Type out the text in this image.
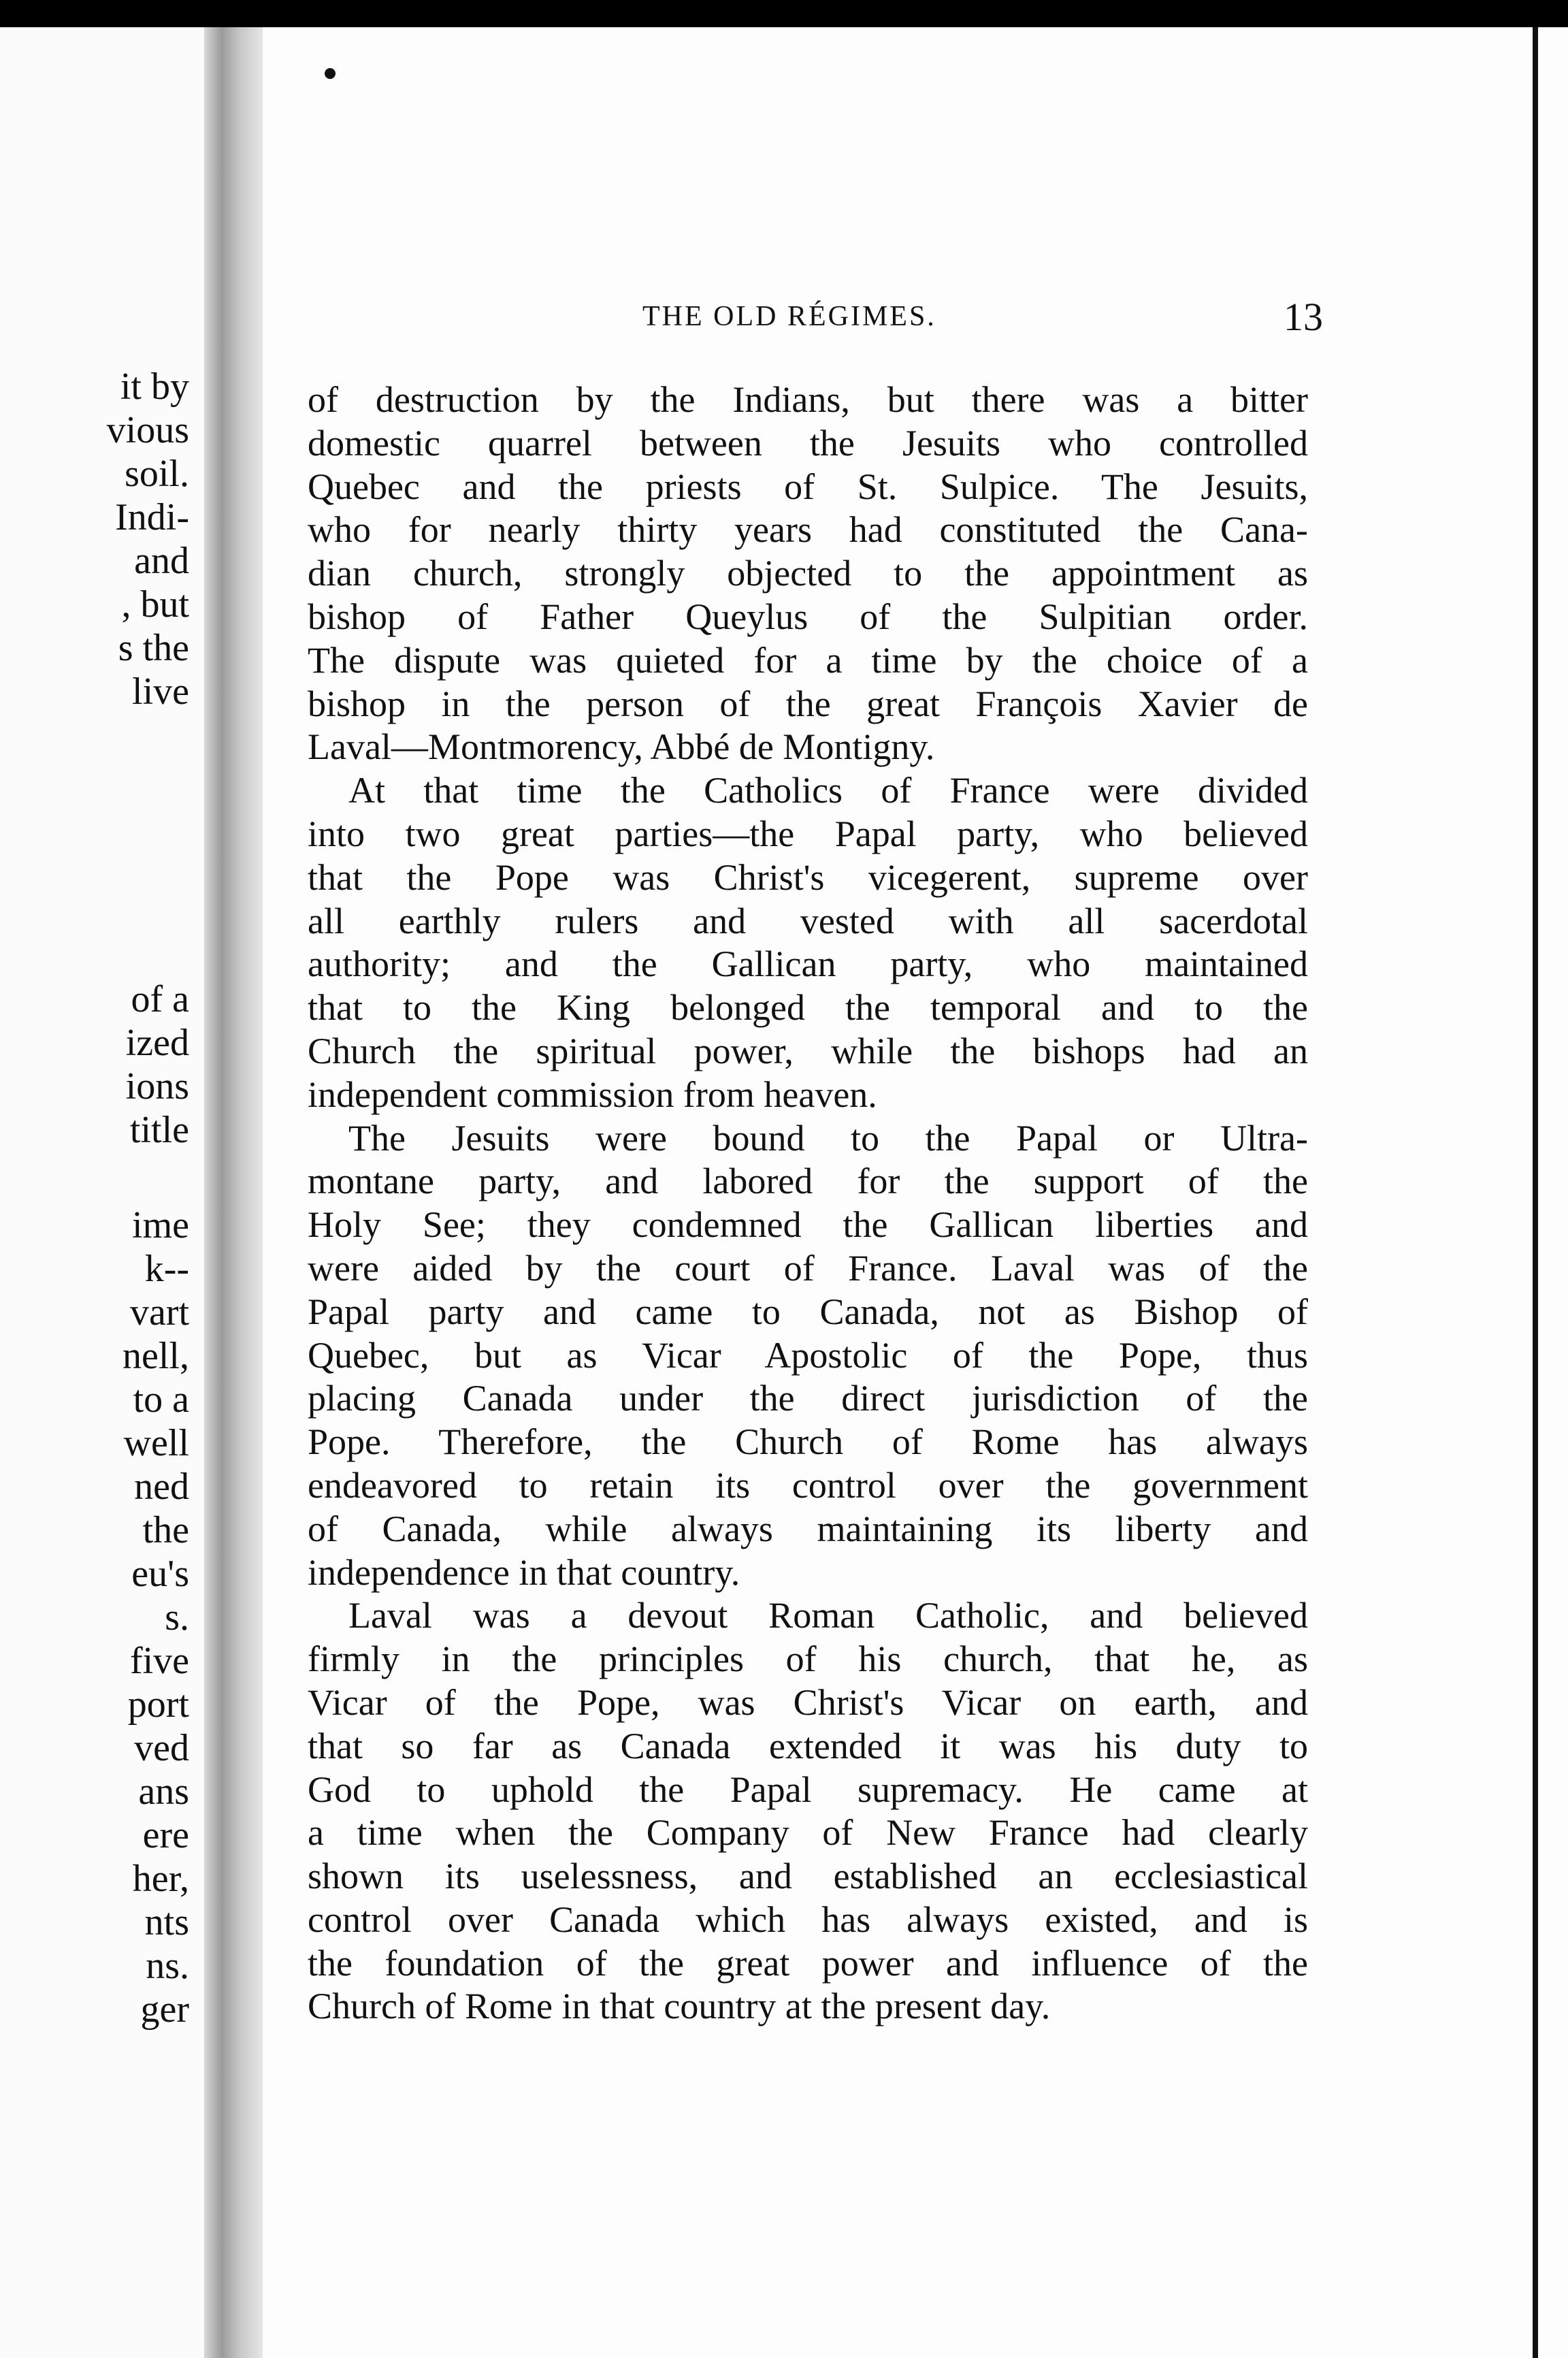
it by
vious
soil.
Indi-
and
, but
s the
live
of a
ized
ions
title
ime
k--
vart
nell,
to a
well
ned
the
eu's
s.
five
port
ved
ans
ere
her,
nts
ns.
ger
THE OLD RÉGIMES.	13
of destruction by the Indians, but there was a bitter
domestic quarrel between the Jesuits who controlled
Quebec and the priests of St. Sulpice. The Jesuits,
who for nearly thirty years had constituted the Cana-
dian church, strongly objected to the appointment as
bishop of Father Queylus of the Sulpitian order.
The dispute was quieted for a time by the choice of a
bishop in the person of the great François Xavier de
Laval—Montmorency, Abbé de Montigny.
At that time the Catholics of France were divided
into two great parties—the Papal party, who believed
that the Pope was Christ's vicegerent, supreme over
all earthly rulers and vested with all sacerdotal
authority; and the Gallican party, who maintained
that to the King belonged the temporal and to the
Church the spiritual power, while the bishops had an
independent commission from heaven.
The Jesuits were bound to the Papal or Ultra-
montane party, and labored for the support of the
Holy See; they condemned the Gallican liberties and
were aided by the court of France. Laval was of the
Papal party and came to Canada, not as Bishop of
Quebec, but as Vicar Apostolic of the Pope, thus
placing Canada under the direct jurisdiction of the
Pope. Therefore, the Church of Rome has always
endeavored to retain its control over the government
of Canada, while always maintaining its liberty and
independence in that country.
Laval was a devout Roman Catholic, and believed
firmly in the principles of his church, that he, as
Vicar of the Pope, was Christ's Vicar on earth, and
that so far as Canada extended it was his duty to
God to uphold the Papal supremacy. He came at
a time when the Company of New France had clearly
shown its uselessness, and established an ecclesiastical
control over Canada which has always existed, and is
the foundation of the great power and influence of the
Church of Rome in that country at the present day.
